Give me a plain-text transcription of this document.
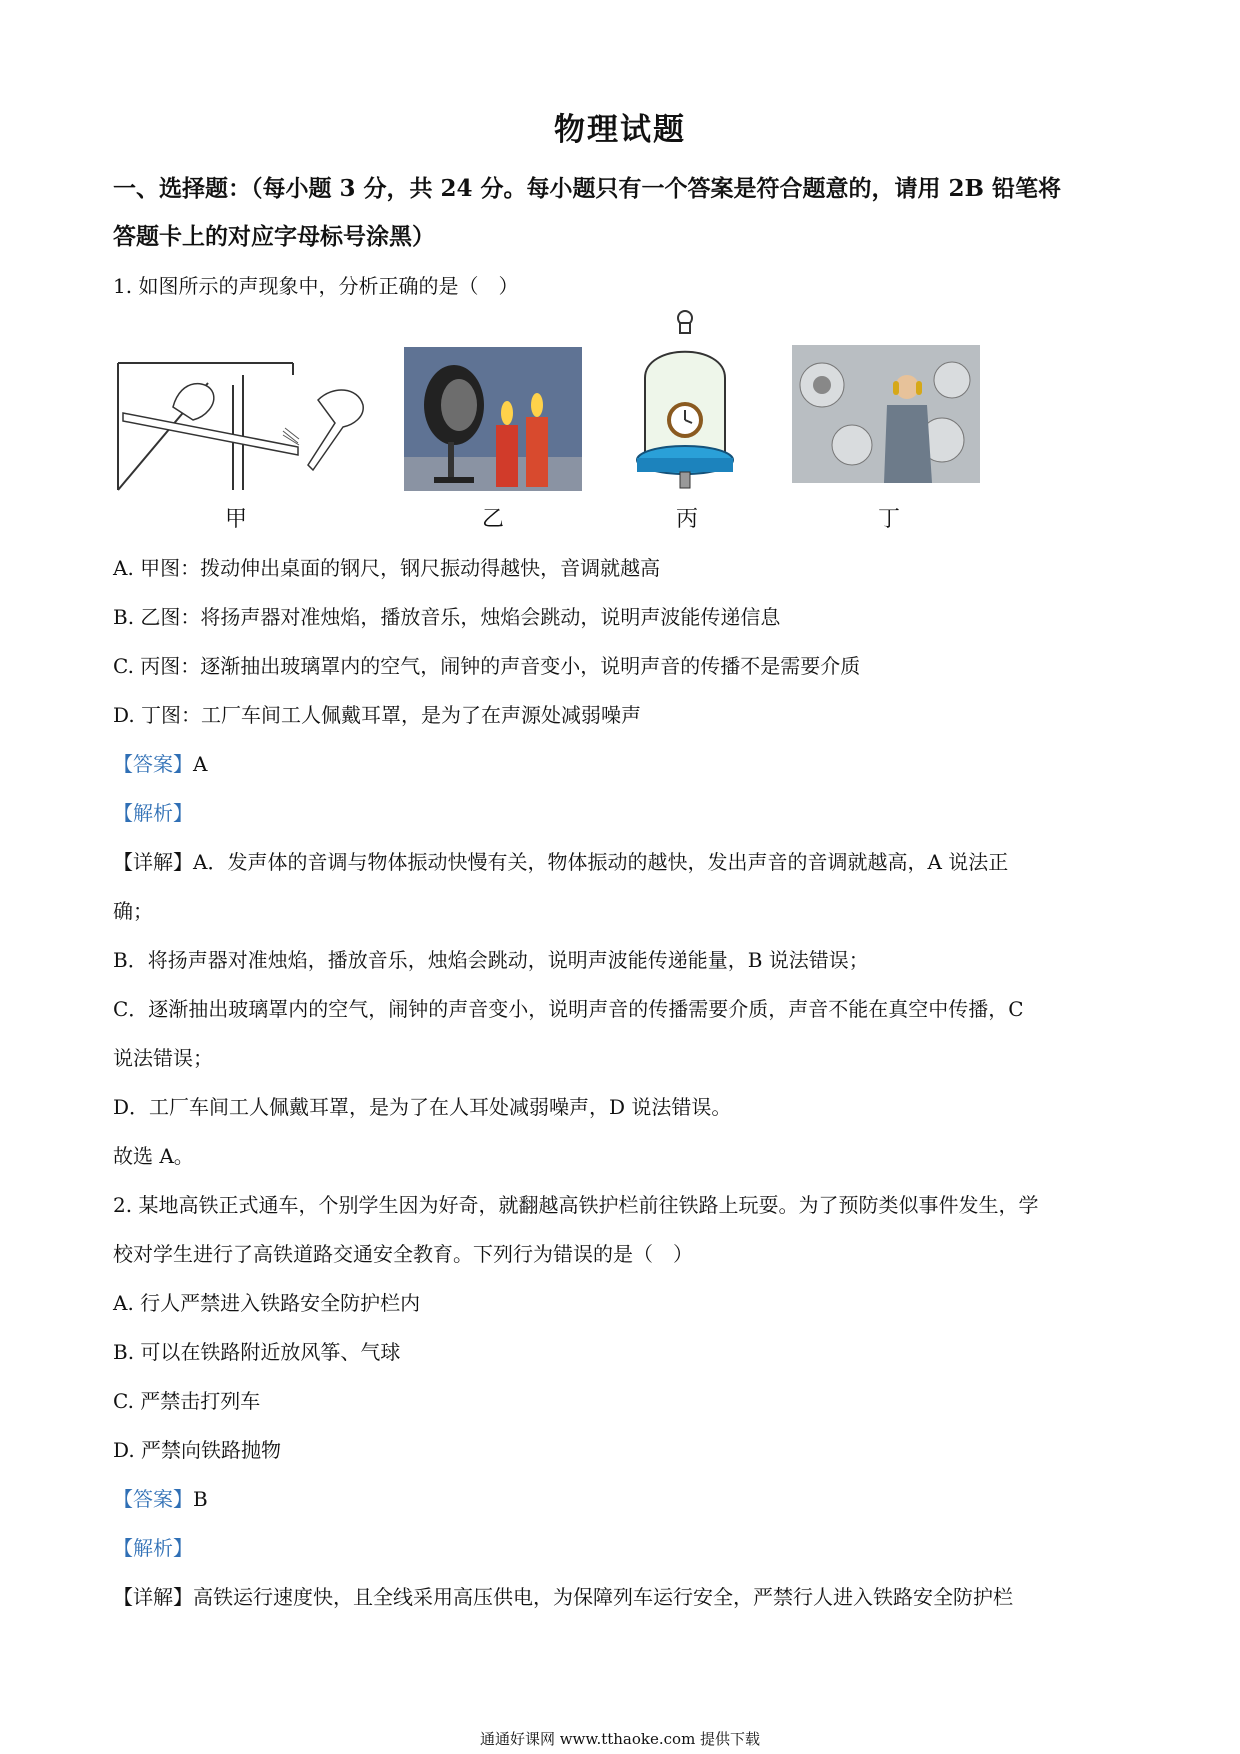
物理试题
一、选择题：（每小题 3 分，共 24 分。每小题只有一个答案是符合题意的，请用 2B 铅笔将
答题卡上的对应字母标号涂黑）
1. 如图所示的声现象中，分析正确的是（　）
甲	乙	丙	丁
A. 甲图：拨动伸出桌面的钢尺，钢尺振动得越快，音调就越高
B. 乙图：将扬声器对准烛焰，播放音乐，烛焰会跳动，说明声波能传递信息
C. 丙图：逐渐抽出玻璃罩内的空气，闹钟的声音变小，说明声音的传播不是需要介质
D. 丁图：工厂车间工人佩戴耳罩，是为了在声源处减弱噪声
【答案】A
【解析】
【详解】A．发声体的音调与物体振动快慢有关，物体振动的越快，发出声音的音调就越高，A 说法正
确；
B．将扬声器对准烛焰，播放音乐，烛焰会跳动，说明声波能传递能量，B 说法错误；
C．逐渐抽出玻璃罩内的空气，闹钟的声音变小，说明声音的传播需要介质，声音不能在真空中传播，C
说法错误；
D．工厂车间工人佩戴耳罩，是为了在人耳处减弱噪声，D 说法错误。
故选 A。
2. 某地高铁正式通车，个别学生因为好奇，就翻越高铁护栏前往铁路上玩耍。为了预防类似事件发生，学
校对学生进行了高铁道路交通安全教育。下列行为错误的是（　）
A. 行人严禁进入铁路安全防护栏内
B. 可以在铁路附近放风筝、气球
C. 严禁击打列车
D. 严禁向铁路抛物
【答案】B
【解析】
【详解】高铁运行速度快，且全线采用高压供电，为保障列车运行安全，严禁行人进入铁路安全防护栏
通通好课网 www.tthaoke.com 提供下载
